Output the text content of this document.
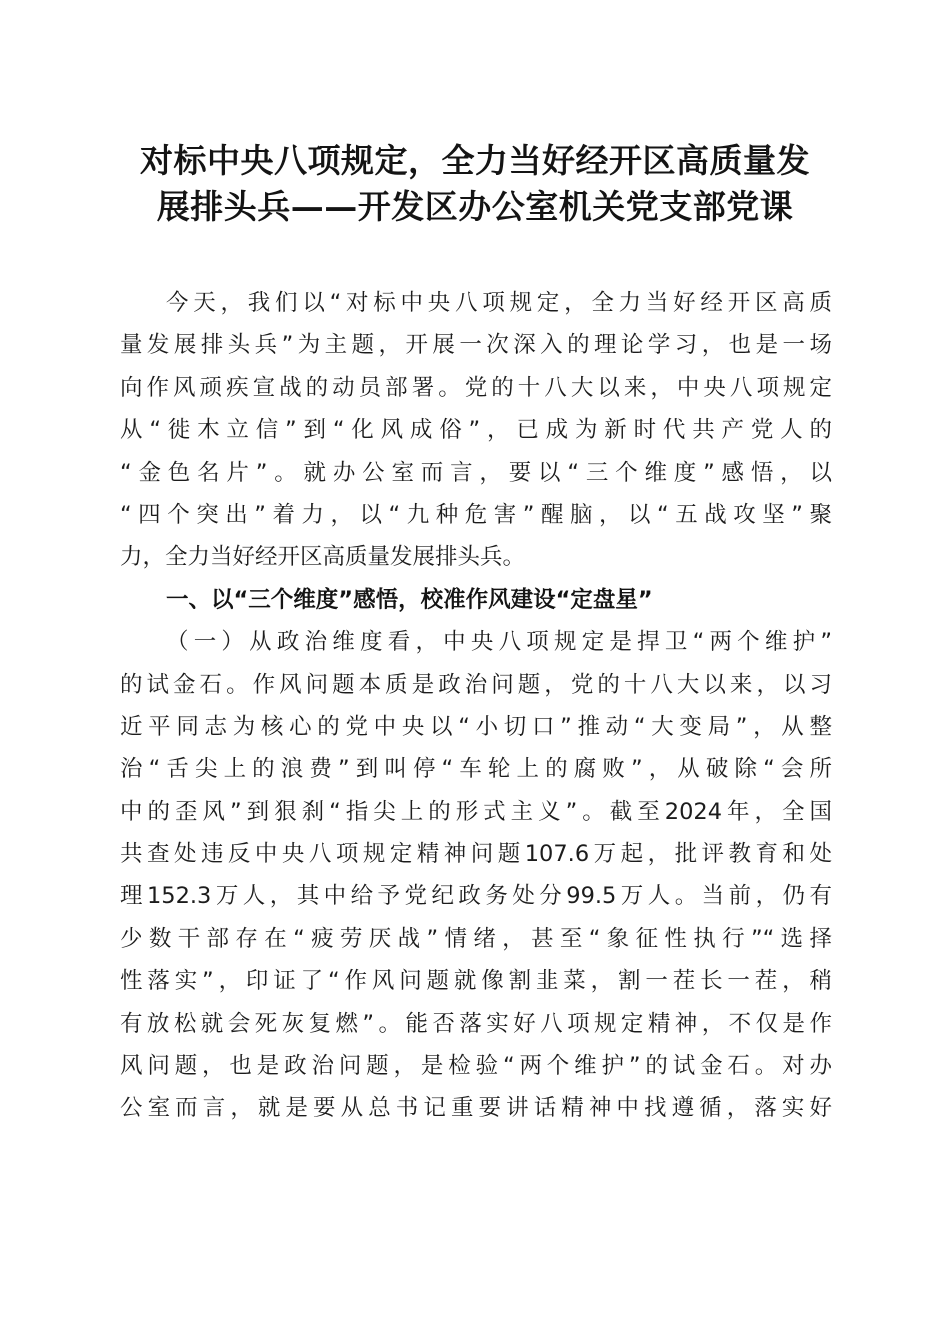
对标中央八项规定，全力当好经开区高质量发
展排头兵——开发区办公室机关党支部党课
今天，我们以“对标中央八项规定，全力当好经开区高质
量发展排头兵”为主题，开展一次深入的理论学习，也是一场
向作风顽疾宣战的动员部署。党的十八大以来，中央八项规定
从“徙木立信”到“化风成俗”，已成为新时代共产党人的
“金色名片”。就办公室而言，要以“三个维度”感悟，以
“四个突出”着力，以“九种危害”醒脑，以“五战攻坚”聚
力，全力当好经开区高质量发展排头兵。
一、以“三个维度”感悟，校准作风建设“定盘星”
（一）从政治维度看，中央八项规定是捍卫“两个维护”
的试金石。作风问题本质是政治问题，党的十八大以来，以习
近平同志为核心的党中央以“小切口”推动“大变局”，从整
治“舌尖上的浪费”到叫停“车轮上的腐败”，从破除“会所
中的歪风”到狠刹“指尖上的形式主义”。截至2024年，全国
共查处违反中央八项规定精神问题107.6万起，批评教育和处
理152.3万人，其中给予党纪政务处分99.5万人。当前，仍有
少数干部存在“疲劳厌战”情绪，甚至“象征性执行”“选择
性落实”，印证了“作风问题就像割韭菜，割一茬长一茬，稍
有放松就会死灰复燃”。能否落实好八项规定精神，不仅是作
风问题，也是政治问题，是检验“两个维护”的试金石。对办
公室而言，就是要从总书记重要讲话精神中找遵循，落实好
